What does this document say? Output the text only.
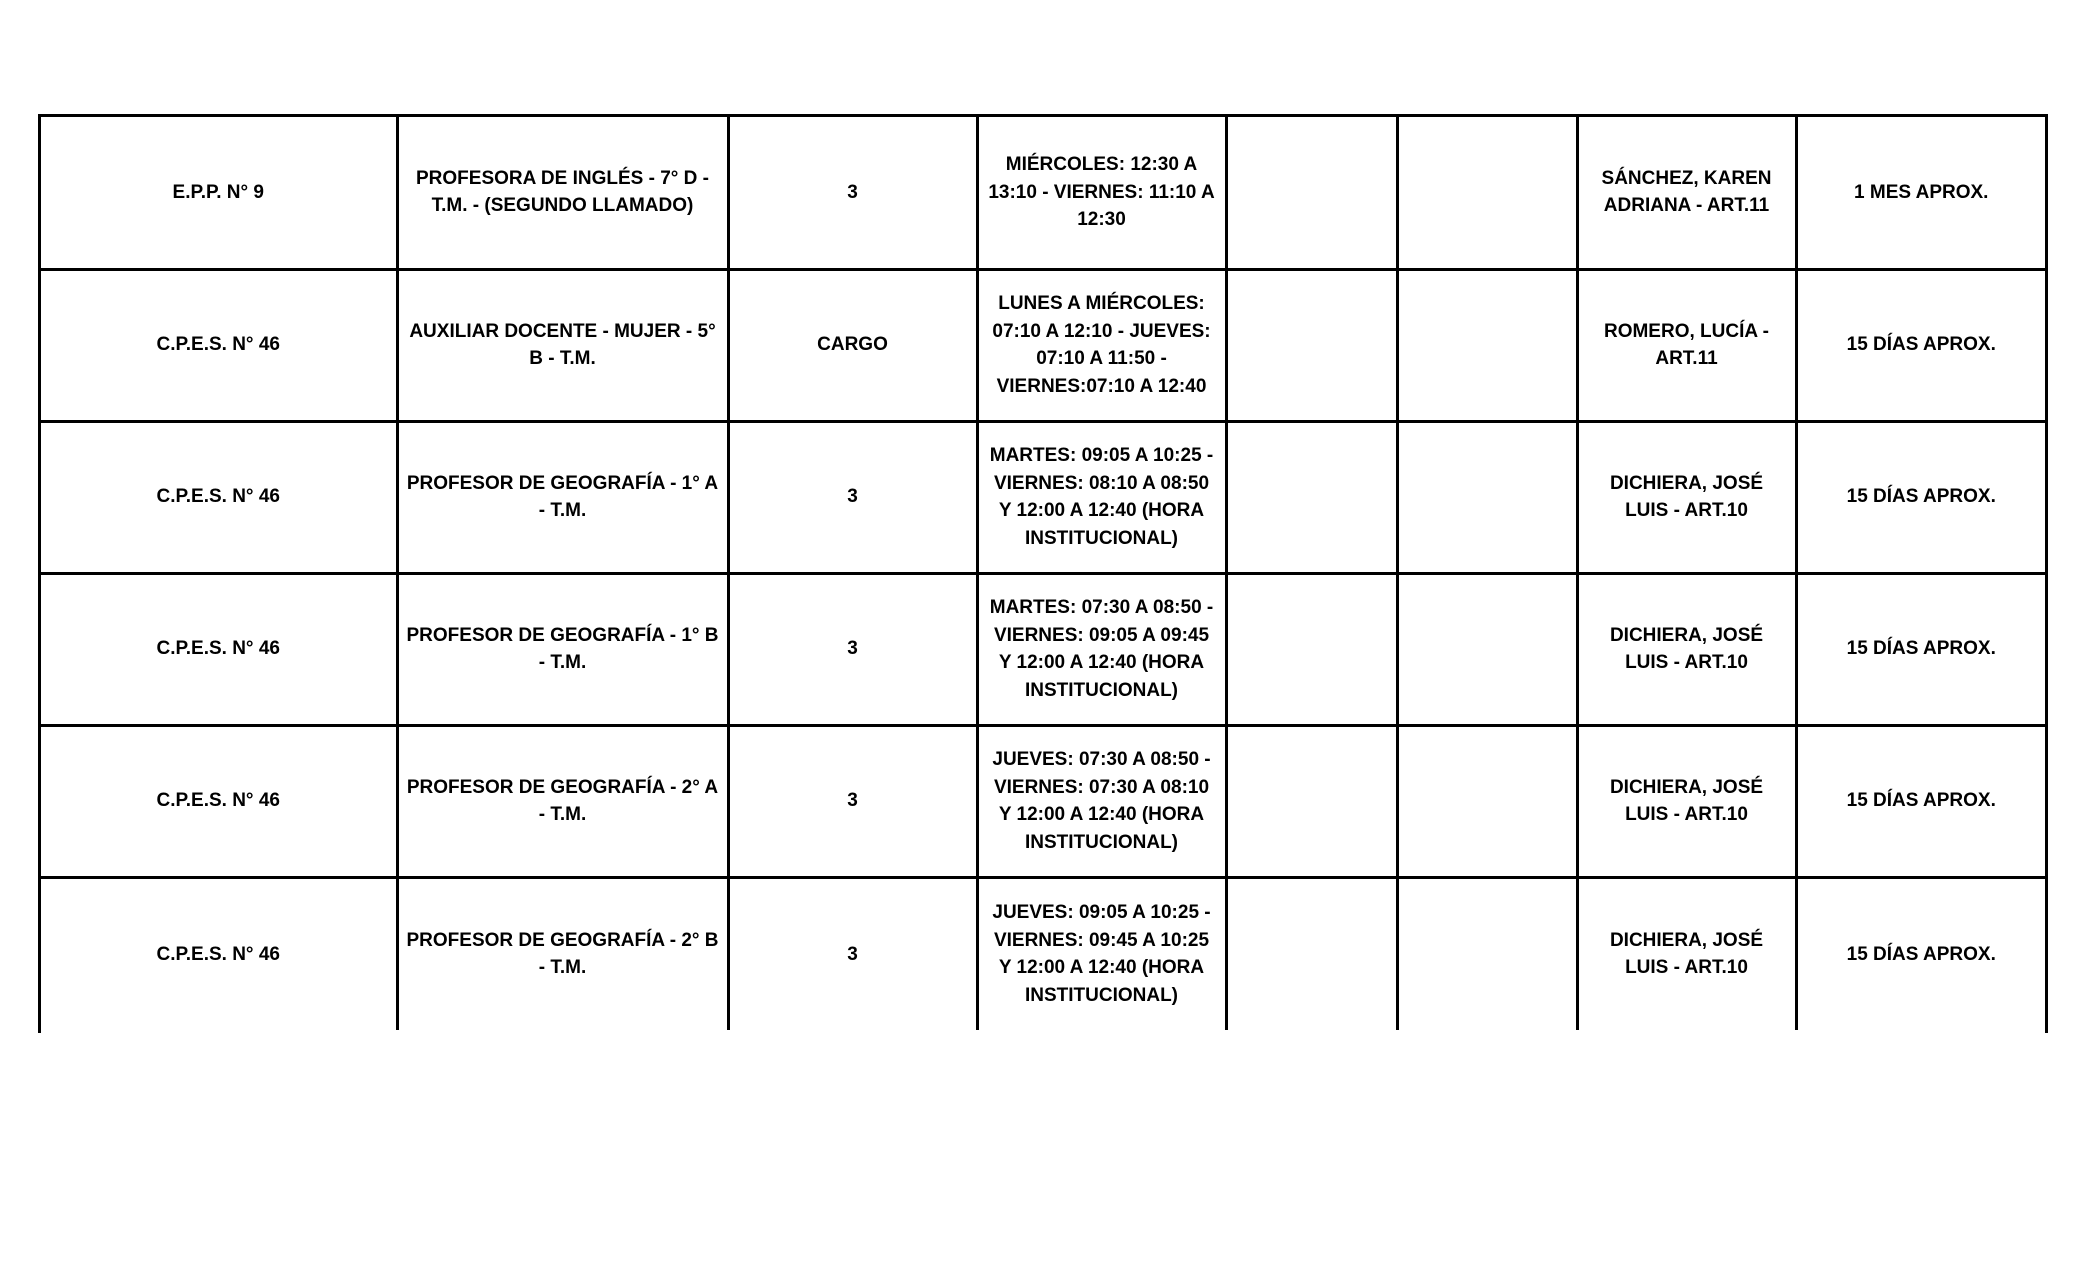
E.P.P. N° 9	PROFESORA DE INGLÉS - 7° D - T.M. - (SEGUNDO LLAMADO)	3	MIÉRCOLES: 12:30 A 13:10 - VIERNES: 11:10 A 12:30			SÁNCHEZ, KAREN ADRIANA - ART.11	1 MES APROX.
C.P.E.S. N° 46	AUXILIAR DOCENTE - MUJER - 5° B - T.M.	CARGO	LUNES A MIÉRCOLES: 07:10 A 12:10 - JUEVES: 07:10 A 11:50 - VIERNES:07:10 A 12:40			ROMERO, LUCÍA - ART.11	15 DÍAS APROX.
C.P.E.S. N° 46	PROFESOR DE GEOGRAFÍA - 1° A - T.M.	3	MARTES: 09:05 A 10:25 - VIERNES: 08:10 A 08:50 Y 12:00 A 12:40 (HORA INSTITUCIONAL)			DICHIERA, JOSÉ LUIS - ART.10	15 DÍAS APROX.
C.P.E.S. N° 46	PROFESOR DE GEOGRAFÍA - 1° B - T.M.	3	MARTES: 07:30 A 08:50 - VIERNES: 09:05 A 09:45 Y 12:00 A 12:40 (HORA INSTITUCIONAL)			DICHIERA, JOSÉ LUIS - ART.10	15 DÍAS APROX.
C.P.E.S. N° 46	PROFESOR DE GEOGRAFÍA - 2° A - T.M.	3	JUEVES: 07:30 A 08:50 - VIERNES: 07:30 A 08:10 Y 12:00 A 12:40 (HORA INSTITUCIONAL)			DICHIERA, JOSÉ LUIS - ART.10	15 DÍAS APROX.
C.P.E.S. N° 46	PROFESOR DE GEOGRAFÍA - 2° B - T.M.	3	JUEVES: 09:05 A 10:25 - VIERNES: 09:45 A 10:25 Y 12:00 A 12:40 (HORA INSTITUCIONAL)			DICHIERA, JOSÉ LUIS - ART.10	15 DÍAS APROX.
